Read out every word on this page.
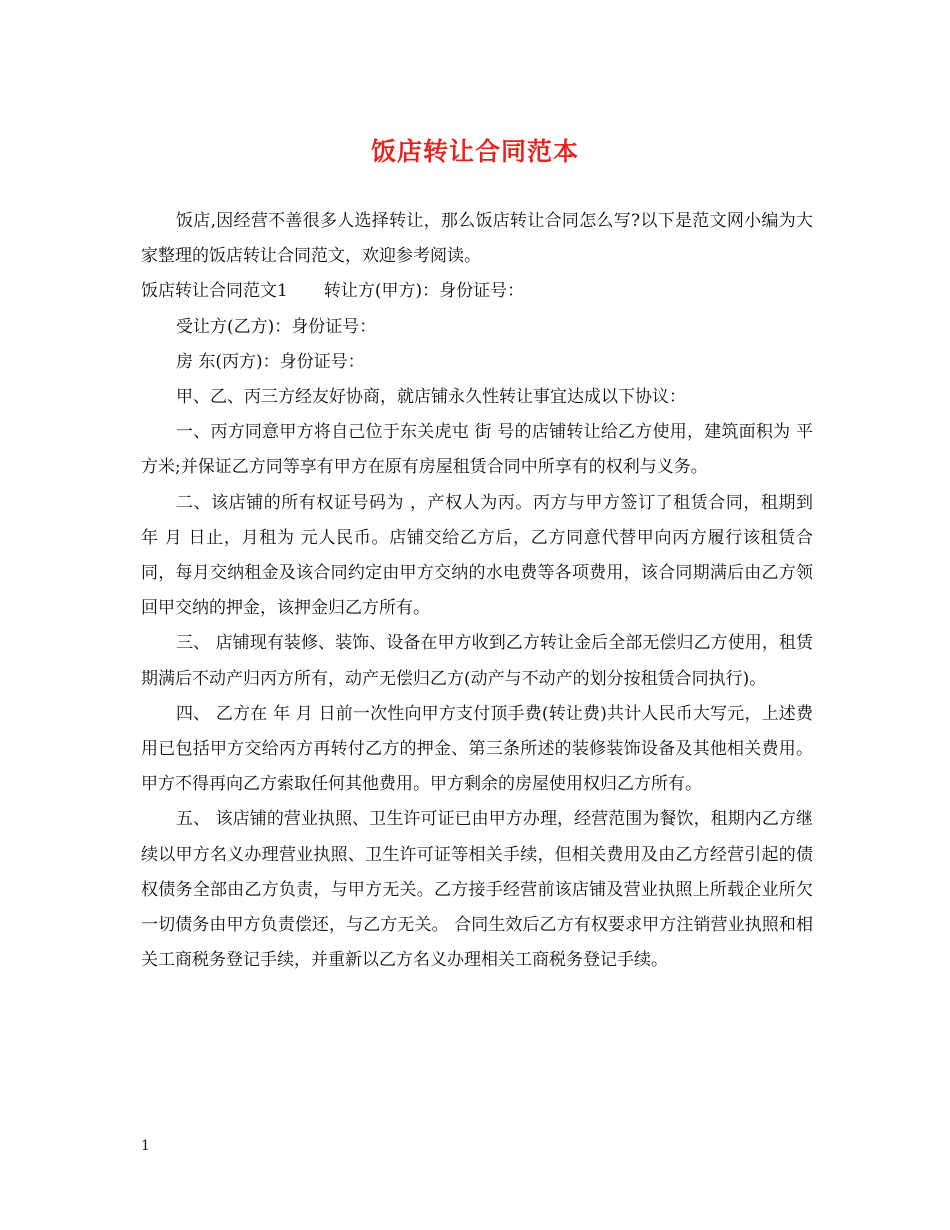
饭店转让合同范本

饭店,因经营不善很多人选择转让，那么饭店转让合同怎么写?以下是范文网小编为大家整理的饭店转让合同范文，欢迎参考阅读。

饭店转让合同范文1 转让方(甲方)：身份证号：

受让方(乙方)：身份证号：

房 东(丙方)：身份证号：

甲、乙、丙三方经友好协商，就店铺永久性转让事宜达成以下协议：

一、丙方同意甲方将自己位于东关虎屯 街 号的店铺转让给乙方使用，建筑面积为 平方米;并保证乙方同等享有甲方在原有房屋租赁合同中所享有的权利与义务。

二、该店铺的所有权证号码为 ，产权人为丙。丙方与甲方签订了租赁合同，租期到 年 月 日止，月租为 元人民币。店铺交给乙方后，乙方同意代替甲向丙方履行该租赁合同，每月交纳租金及该合同约定由甲方交纳的水电费等各项费用，该合同期满后由乙方领回甲交纳的押金，该押金归乙方所有。

三、 店铺现有装修、装饰、设备在甲方收到乙方转让金后全部无偿归乙方使用，租赁期满后不动产归丙方所有，动产无偿归乙方(动产与不动产的划分按租赁合同执行)。

四、 乙方在 年 月 日前一次性向甲方支付顶手费(转让费)共计人民币大写元，上述费用已包括甲方交给丙方再转付乙方的押金、第三条所述的装修装饰设备及其他相关费用。甲方不得再向乙方索取任何其他费用。甲方剩余的房屋使用权归乙方所有。

五、 该店铺的营业执照、卫生许可证已由甲方办理，经营范围为餐饮，租期内乙方继续以甲方名义办理营业执照、卫生许可证等相关手续，但相关费用及由乙方经营引起的债权债务全部由乙方负责，与甲方无关。乙方接手经营前该店铺及营业执照上所载企业所欠一切债务由甲方负责偿还，与乙方无关。 合同生效后乙方有权要求甲方注销营业执照和相关工商税务登记手续，并重新以乙方名义办理相关工商税务登记手续。

1
